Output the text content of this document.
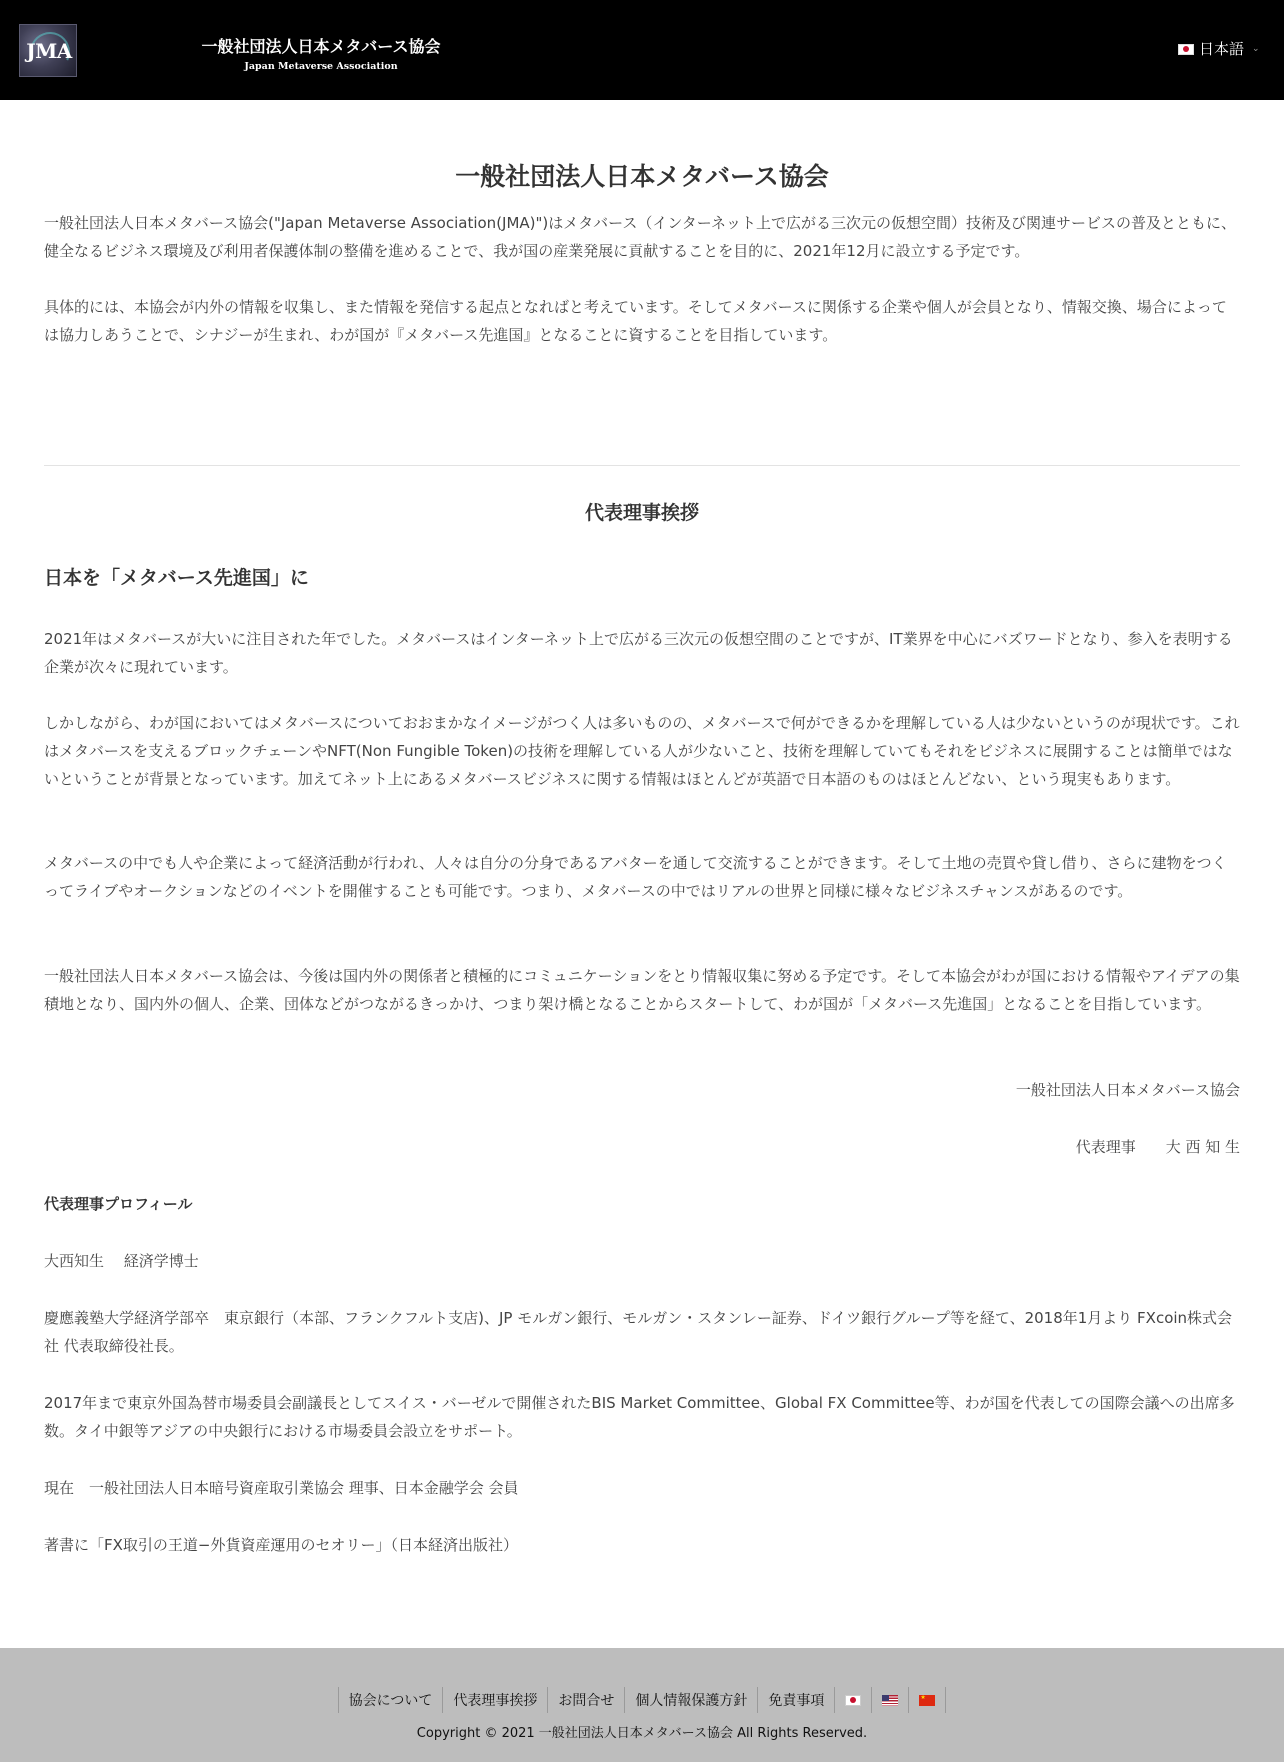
JMA	一般社団法人日本メタバース協会
Japan Metaverse Association
日本語 ⌄
一般社団法人日本メタバース協会

一般社団法人日本メタバース協会("Japan Metaverse Association(JMA)")はメタバース（インターネット上で広がる三次元の仮想空間）技術及び関連サービスの普及とともに、健全なるビジネス環境及び利用者保護体制の整備を進めることで、我が国の産業発展に貢献することを目的に、2021年12月に設立する予定です。

具体的には、本協会が内外の情報を収集し、また情報を発信する起点となればと考えています。そしてメタバースに関係する企業や個人が会員となり、情報交換、場合によっては協力しあうことで、シナジーが生まれ、わが国が『メタバース先進国』となることに資することを目指しています。

代表理事挨拶
日本を「メタバース先進国」に

2021年はメタバースが大いに注目された年でした。メタバースはインターネット上で広がる三次元の仮想空間のことですが、IT業界を中心にバズワードとなり、参入を表明する企業が次々に現れています。

しかしながら、わが国においてはメタバースについておおまかなイメージがつく人は多いものの、メタバースで何ができるかを理解している人は少ないというのが現状です。これはメタバースを支えるブロックチェーンやNFT(Non Fungible Token)の技術を理解している人が少ないこと、技術を理解していてもそれをビジネスに展開することは簡単ではないということが背景となっています。加えてネット上にあるメタバースビジネスに関する情報はほとんどが英語で日本語のものはほとんどない、という現実もあります。

メタバースの中でも人や企業によって経済活動が行われ、人々は自分の分身であるアバターを通して交流することができます。そして土地の売買や貸し借り、さらに建物をつくってライブやオークションなどのイベントを開催することも可能です。つまり、メタバースの中ではリアルの世界と同様に様々なビジネスチャンスがあるのです。

一般社団法人日本メタバース協会は、今後は国内外の関係者と積極的にコミュニケーションをとり情報収集に努める予定です。そして本協会がわが国における情報やアイデアの集積地となり、国内外の個人、企業、団体などがつながるきっかけ、つまり架け橋となることからスタートして、わが国が「メタバース先進国」となることを目指しています。

一般社団法人日本メタバース協会

代表理事　　大 西 知 生

代表理事プロフィール

大西知生　 経済学博士

慶應義塾大学経済学部卒　東京銀行（本部、フランクフルト支店)、JP モルガン銀行、モルガン・スタンレー証券、ドイツ銀行グループ等を経て、2018年1月より FXcoin株式会社 代表取締役社長。

2017年まで東京外国為替市場委員会副議長としてスイス・バーゼルで開催されたBIS Market Committee、Global FX Committee等、わが国を代表しての国際会議への出席多数。タイ中銀等アジアの中央銀行における市場委員会設立をサポート。

現在　一般社団法人日本暗号資産取引業協会 理事、日本金融学会 会員

著書に「FX取引の王道−外貨資産運用のセオリー」（日本経済出版社）

協会について	代表理事挨拶	お問合せ	個人情報保護方針	免責事項
★
Copyright © 2021 一般社団法人日本メタバース協会 All Rights Reserved.
